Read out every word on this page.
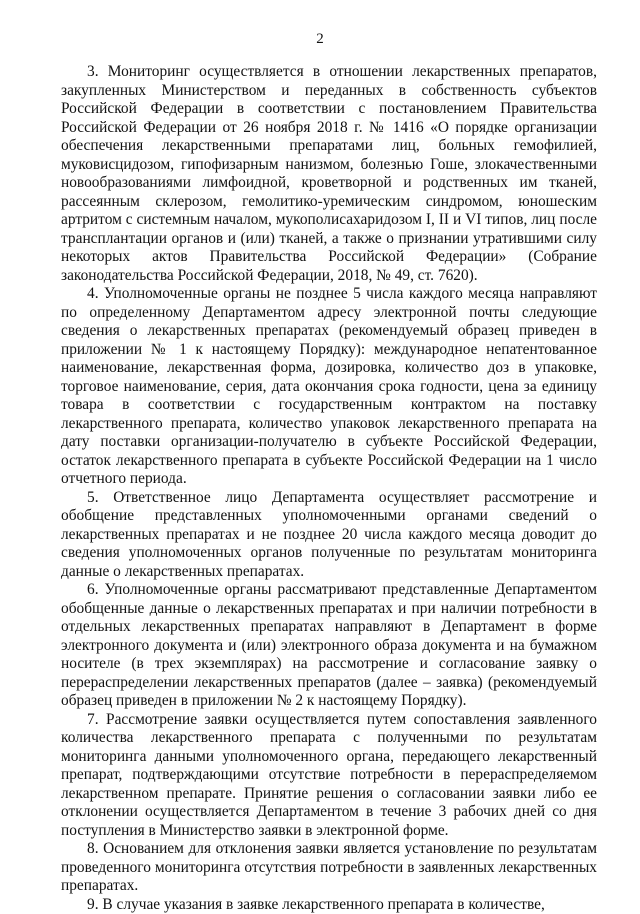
2

3. Мониторинг осуществляется в отношении лекарственных препаратов, закупленных Министерством и переданных в собственность субъектов Российской Федерации в соответствии с постановлением Правительства Российской Федерации от 26 ноября 2018 г. № 1416 «О порядке организации обеспечения лекарственными препаратами лиц, больных гемофилией, муковисцидозом, гипофизарным нанизмом, болезнью Гоше, злокачественными новообразованиями лимфоидной, кроветворной и родственных им тканей, рассеянным склерозом, гемолитико-уремическим синдромом, юношеским артритом с системным началом, мукополисахаридозом I, II и VI типов, лиц после трансплантации органов и (или) тканей, а также о признании утратившими силу некоторых актов Правительства Российской Федерации» (Собрание законодательства Российской Федерации, 2018, № 49, ст. 7620).

4. Уполномоченные органы не позднее 5 числа каждого месяца направляют по определенному Департаментом адресу электронной почты следующие сведения о лекарственных препаратах (рекомендуемый образец приведен в приложении № 1 к настоящему Порядку): международное непатентованное наименование, лекарственная форма, дозировка, количество доз в упаковке, торговое наименование, серия, дата окончания срока годности, цена за единицу товара в соответствии с государственным контрактом на поставку лекарственного препарата, количество упаковок лекарственного препарата на дату поставки организации-получателю в субъекте Российской Федерации, остаток лекарственного препарата в субъекте Российской Федерации на 1 число отчетного периода.

5. Ответственное лицо Департамента осуществляет рассмотрение и обобщение представленных уполномоченными органами сведений о лекарственных препаратах и не позднее 20 числа каждого месяца доводит до сведения уполномоченных органов полученные по результатам мониторинга данные о лекарственных препаратах.

6. Уполномоченные органы рассматривают представленные Департаментом обобщенные данные о лекарственных препаратах и при наличии потребности в отдельных лекарственных препаратах направляют в Департамент в форме электронного документа и (или) электронного образа документа и на бумажном носителе (в трех экземплярах) на рассмотрение и согласование заявку о перераспределении лекарственных препаратов (далее – заявка) (рекомендуемый образец приведен в приложении № 2 к настоящему Порядку).

7. Рассмотрение заявки осуществляется путем сопоставления заявленного количества лекарственного препарата с полученными по результатам мониторинга данными уполномоченного органа, передающего лекарственный препарат, подтверждающими отсутствие потребности в перераспределяемом лекарственном препарате. Принятие решения о согласовании заявки либо ее отклонении осуществляется Департаментом в течение 3 рабочих дней со дня поступления в Министерство заявки в электронной форме.

8. Основанием для отклонения заявки является установление по результатам проведенного мониторинга отсутствия потребности в заявленных лекарственных препаратах.

9. В случае указания в заявке лекарственного препарата в количестве,
